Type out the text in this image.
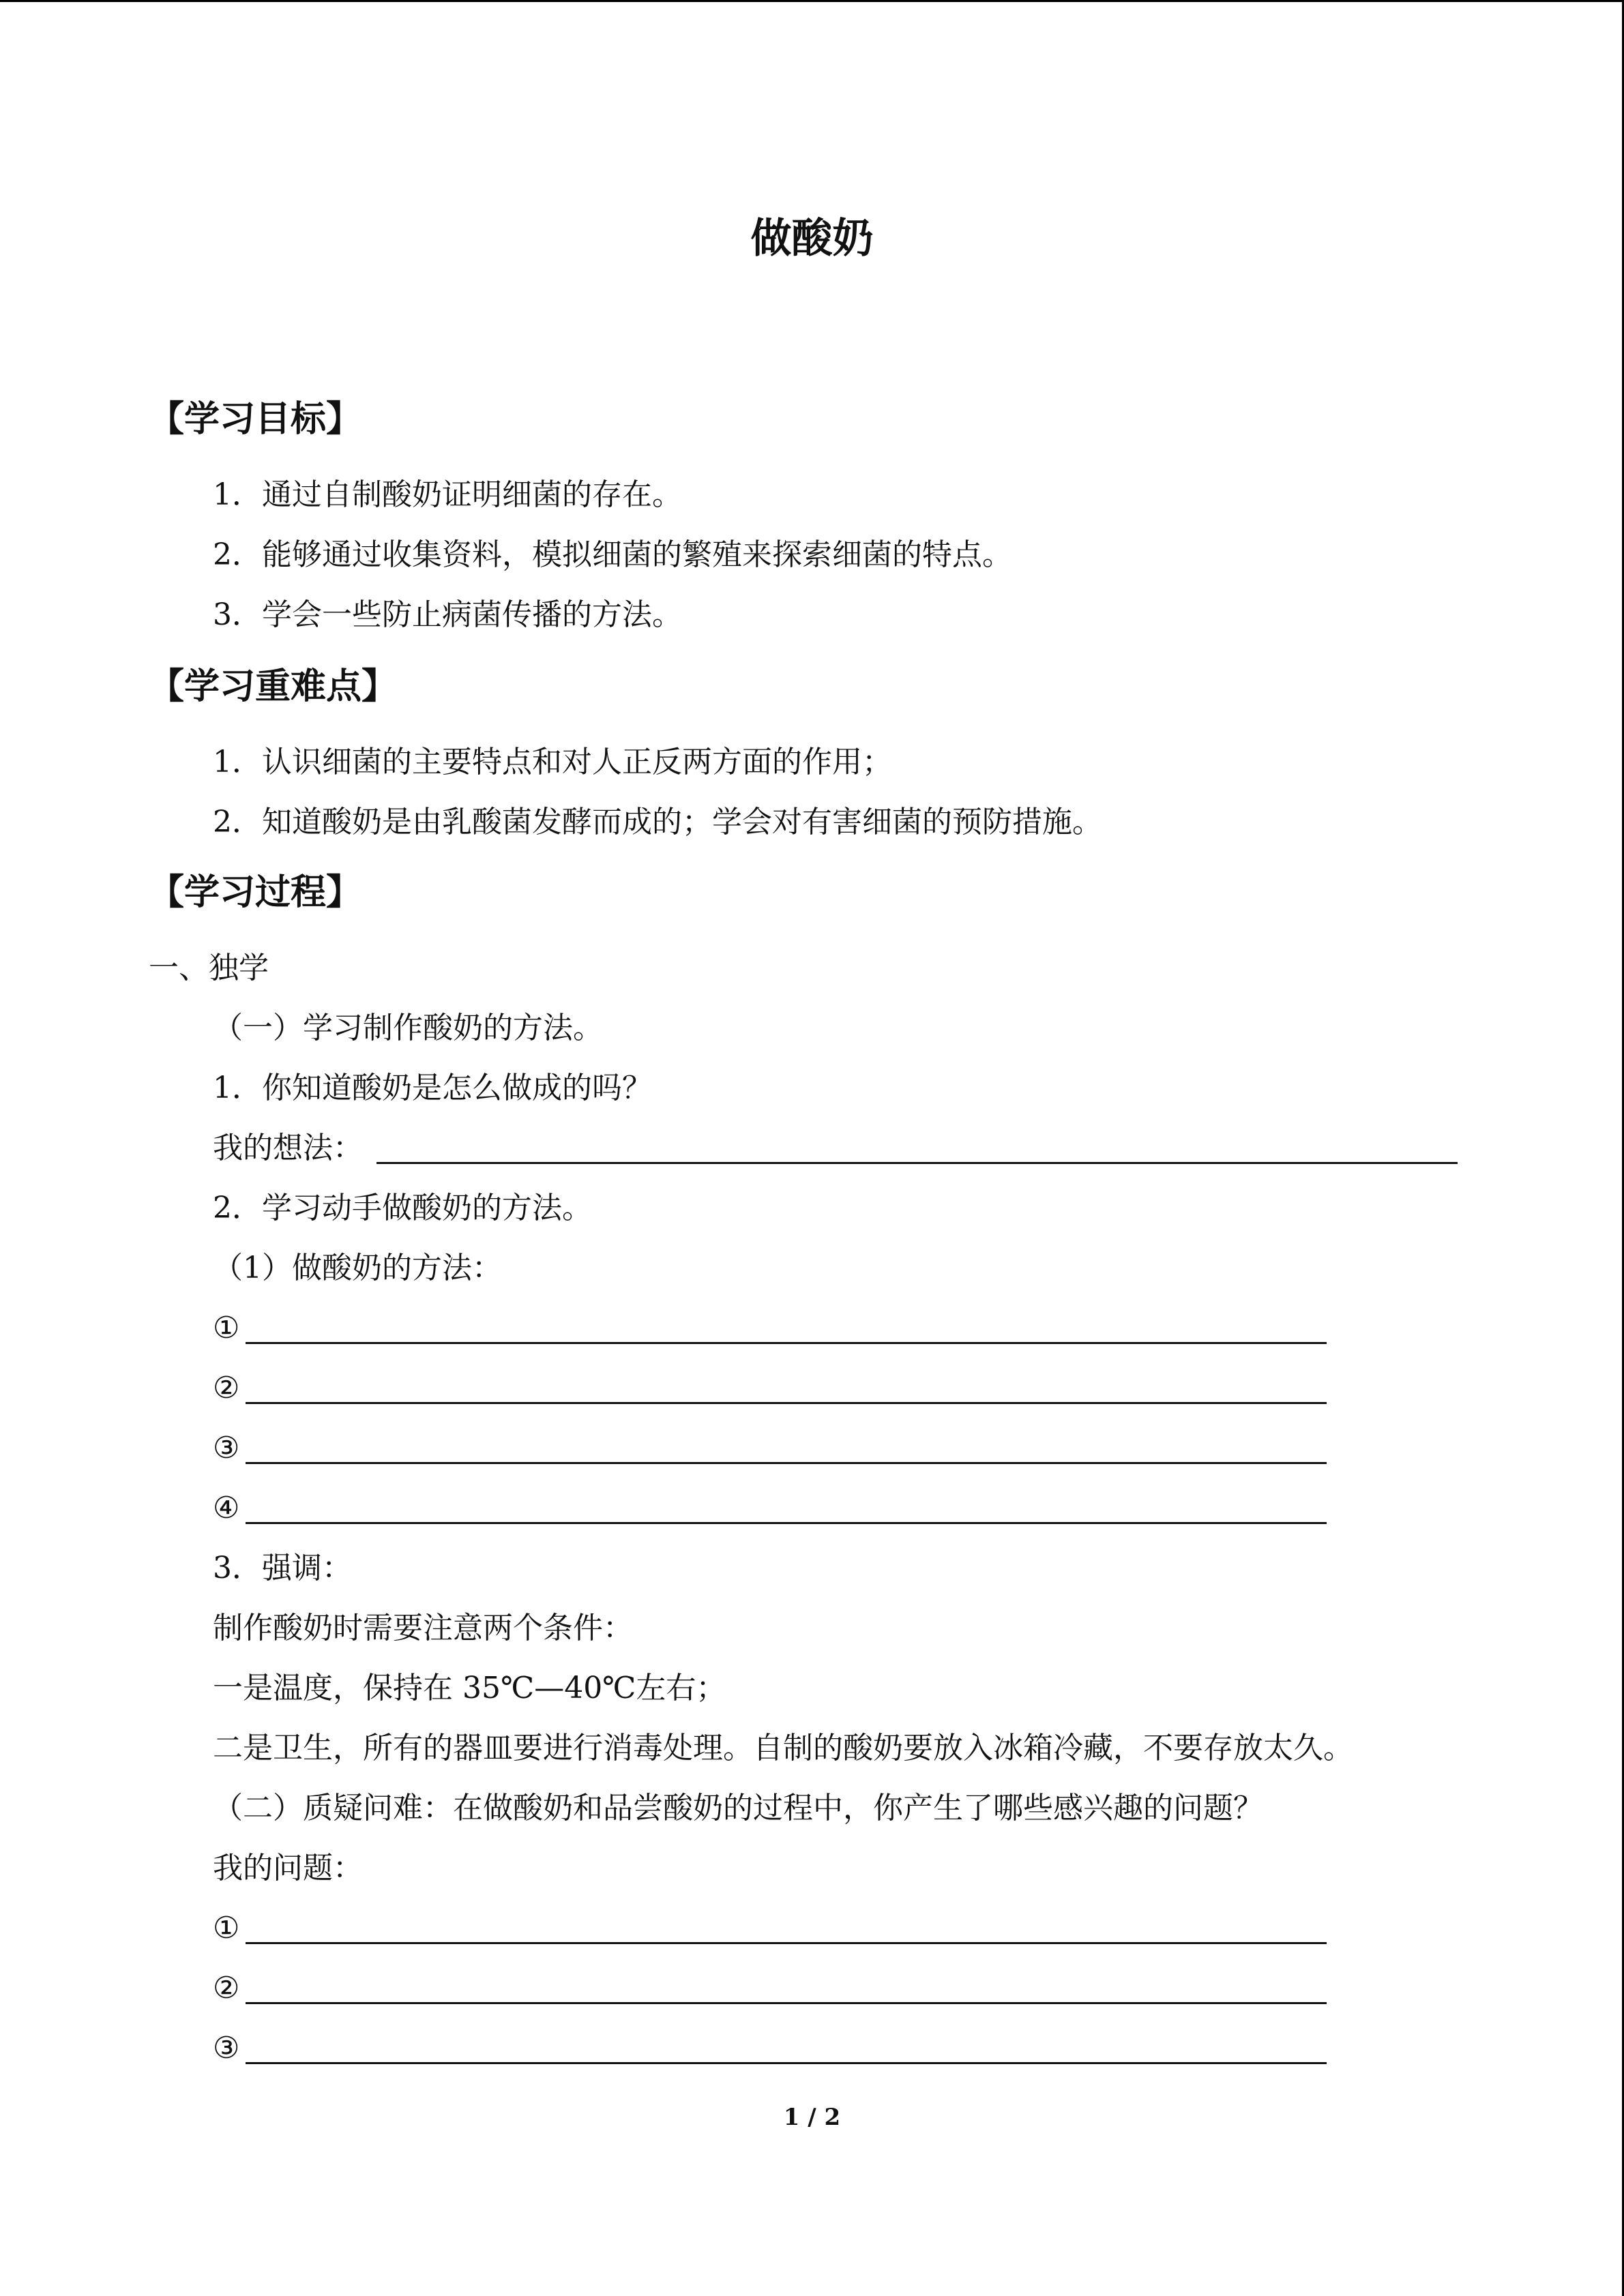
做酸奶
【学习目标】
1．通过自制酸奶证明细菌的存在。
2．能够通过收集资料，模拟细菌的繁殖来探索细菌的特点。
3．学会一些防止病菌传播的方法。
【学习重难点】
1．认识细菌的主要特点和对人正反两方面的作用；
2．知道酸奶是由乳酸菌发酵而成的；学会对有害细菌的预防措施。
【学习过程】
一、独学
（一）学习制作酸奶的方法。
1．你知道酸奶是怎么做成的吗？
我的想法：
2．学习动手做酸奶的方法。
（1）做酸奶的方法：
①
②
③
④
3．强调：
制作酸奶时需要注意两个条件：
一是温度，保持在 35℃—40℃左右；
二是卫生，所有的器皿要进行消毒处理。自制的酸奶要放入冰箱冷藏，不要存放太久。
（二）质疑问难：在做酸奶和品尝酸奶的过程中，你产生了哪些感兴趣的问题？
我的问题：
①
②
③
1 / 2
